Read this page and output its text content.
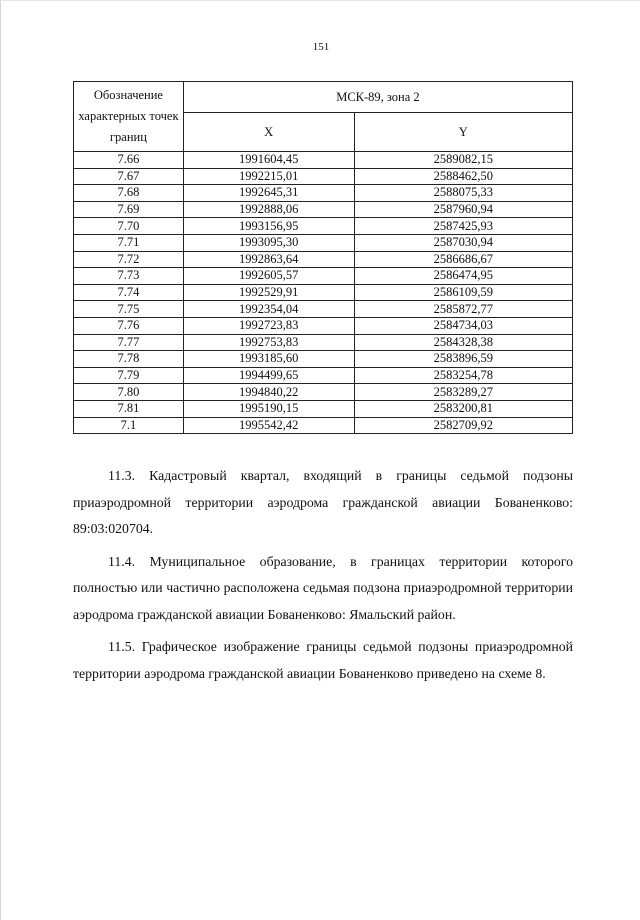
151
Обозначение характерных точек границ	МСК-89, зона 2	
	X	Y
7.66	1991604,45	2589082,15
7.67	1992215,01	2588462,50
7.68	1992645,31	2588075,33
7.69	1992888,06	2587960,94
7.70	1993156,95	2587425,93
7.71	1993095,30	2587030,94
7.72	1992863,64	2586686,67
7.73	1992605,57	2586474,95
7.74	1992529,91	2586109,59
7.75	1992354,04	2585872,77
7.76	1992723,83	2584734,03
7.77	1992753,83	2584328,38
7.78	1993185,60	2583896,59
7.79	1994499,65	2583254,78
7.80	1994840,22	2583289,27
7.81	1995190,15	2583200,81
7.1	1995542,42	2582709,92

11.3. Кадастровый квартал, входящий в границы седьмой подзоны приаэродромной территории аэродрома гражданской авиации Бованенково: 89:03:020704.

11.4. Муниципальное образование, в границах территории которого полностью или частично расположена седьмая подзона приаэродромной территории аэродрома гражданской авиации Бованенково: Ямальский район.

11.5. Графическое изображение границы седьмой подзоны приаэродромной территории аэродрома гражданской авиации Бованенково приведено на схеме 8.
